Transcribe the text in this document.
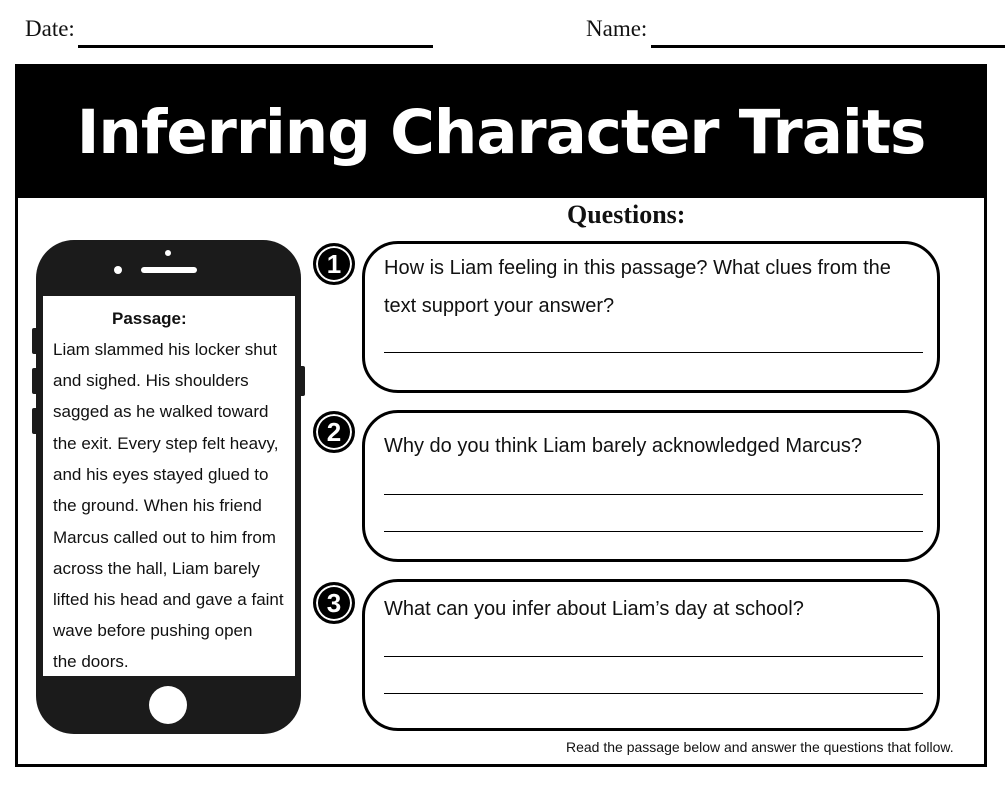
Date:	Name:
Inferring Character Traits
Questions:
Passage:
Liam slammed his locker shut
and sighed. His shoulders
sagged as he walked toward
the exit. Every step felt heavy,
and his eyes stayed glued to
the ground. When his friend
Marcus called out to him from
across the hall, Liam barely
lifted his head and gave a faint
wave before pushing open
the doors.
1	How is Liam feeling in this passage? What clues from the
text support your answer?
2	Why do you think Liam barely acknowledged Marcus?
3	What can you infer about Liam’s day at school?
Read the passage below and answer the questions that follow.
